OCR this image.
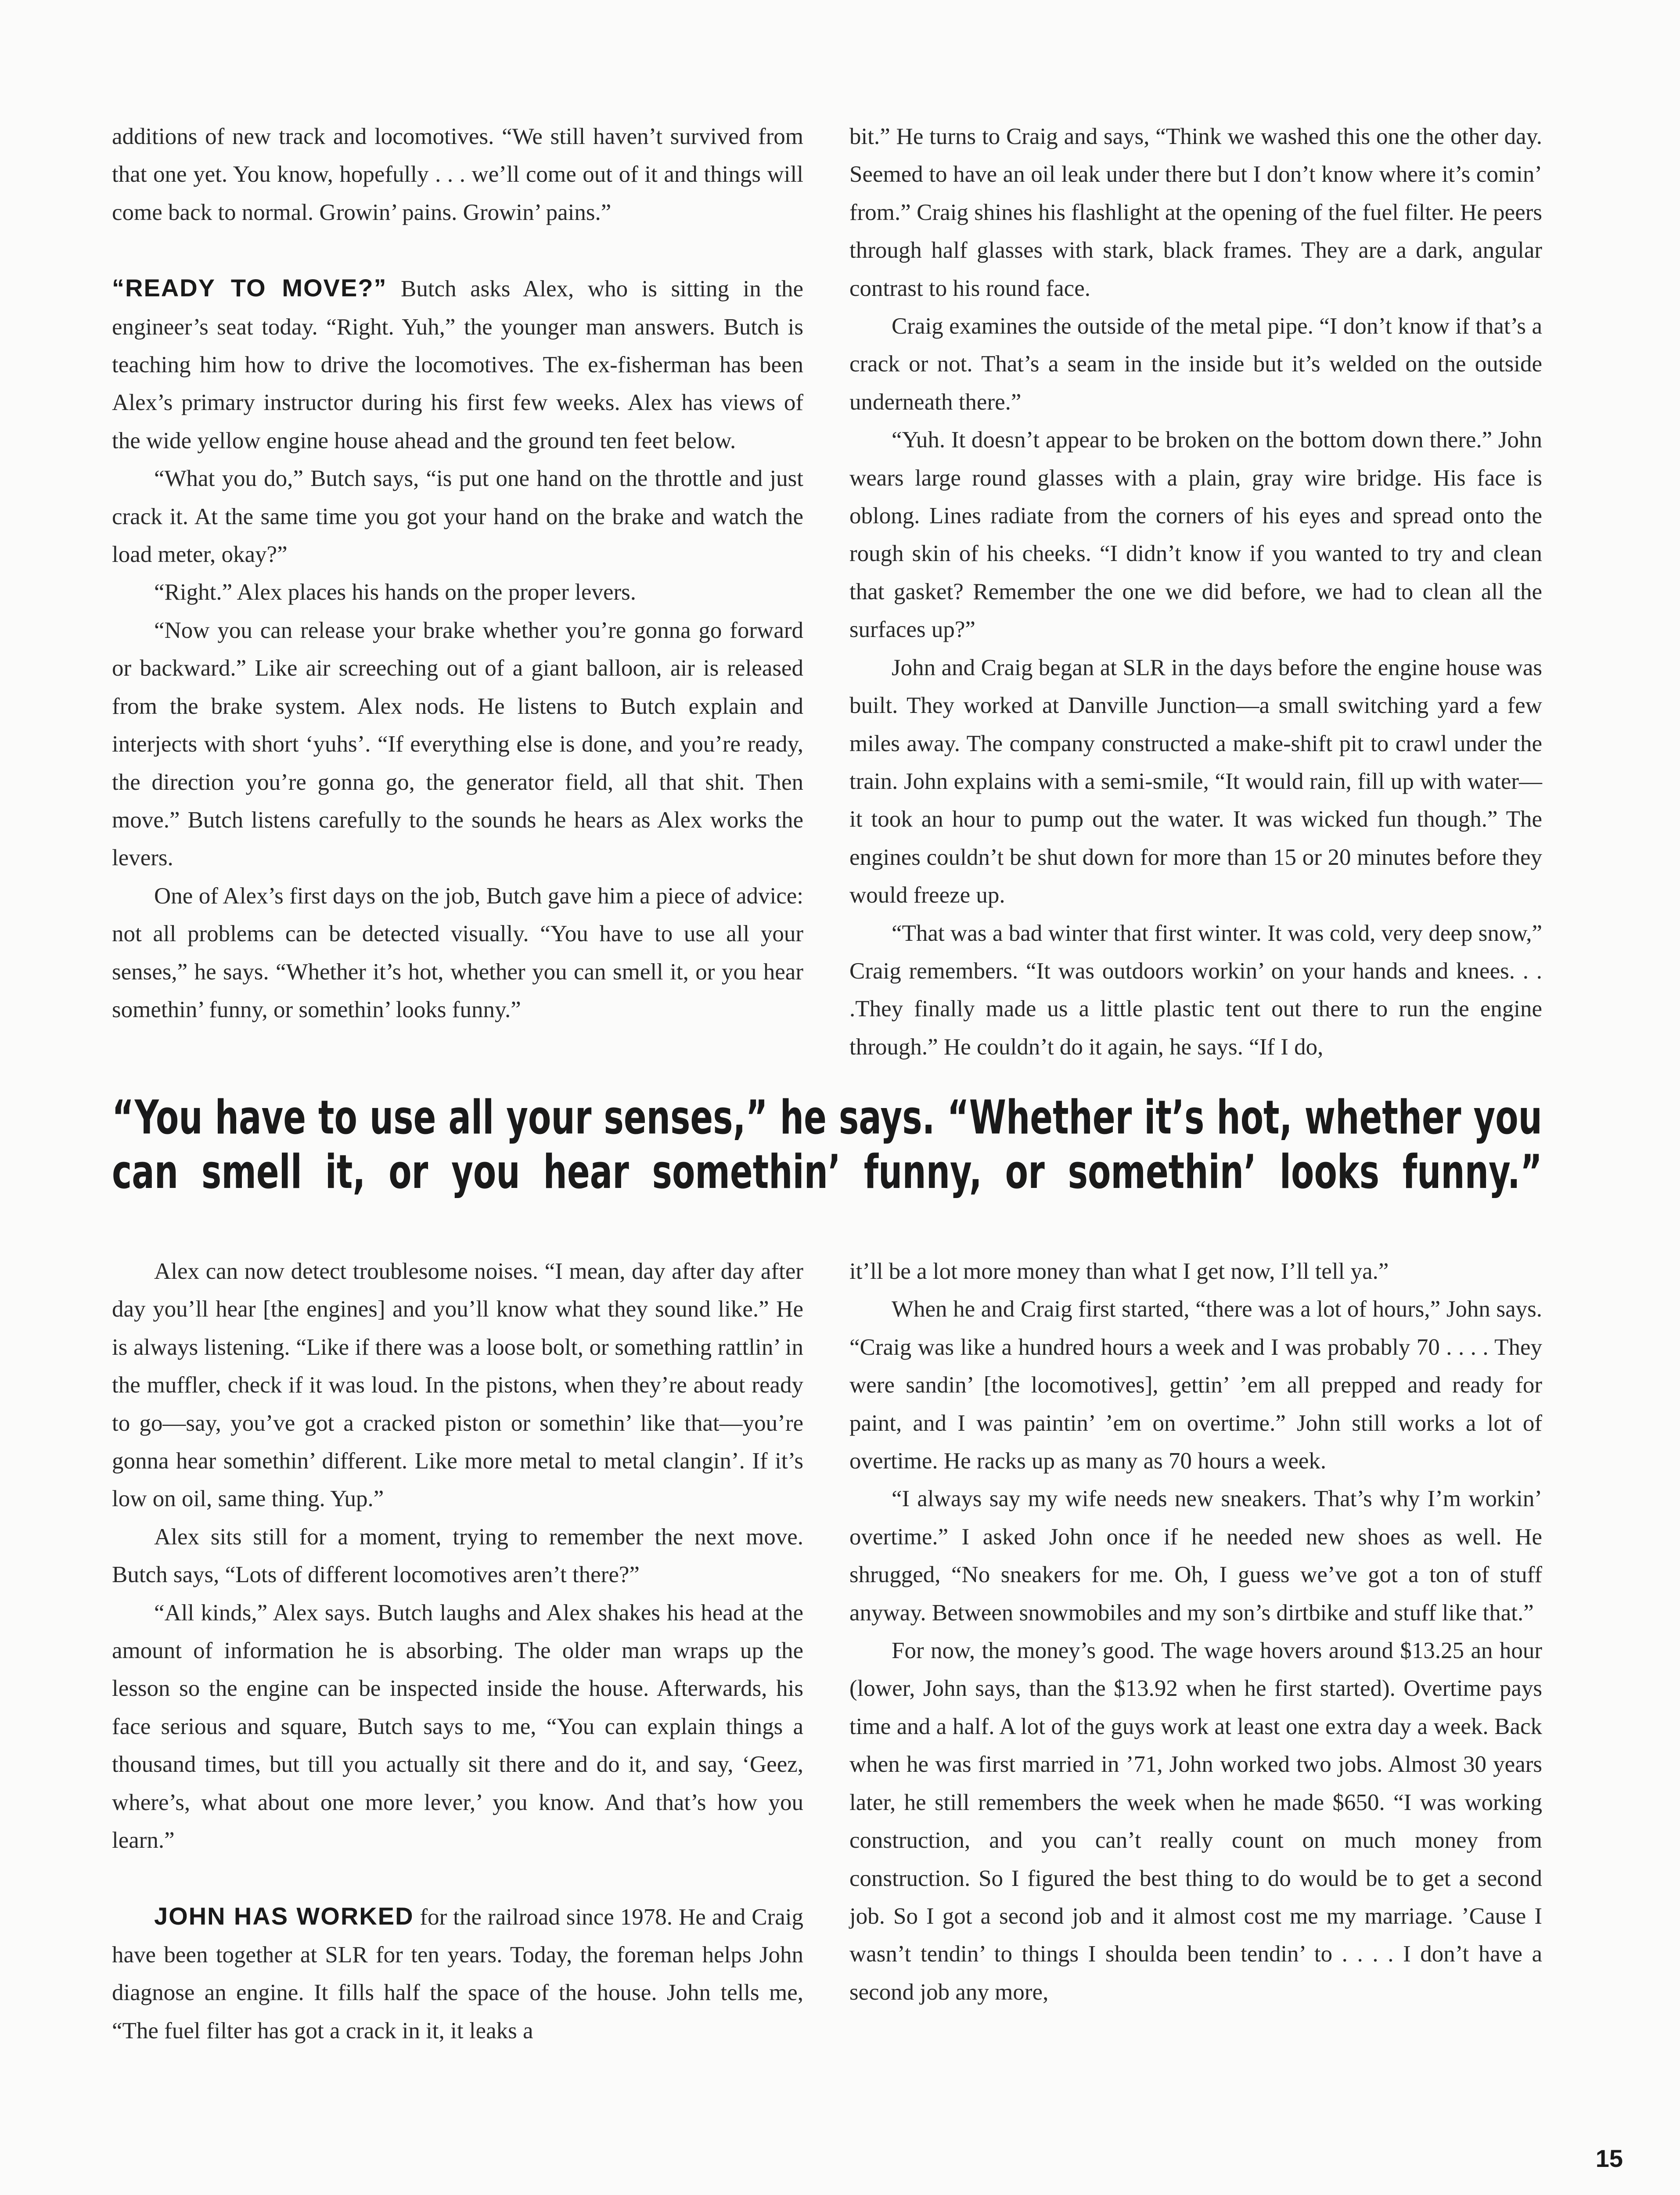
additions of new track and locomotives. “We still haven’t survived from that one yet. You know, hopefully . . . we’ll come out of it and things will come back to normal. Growin’ pains. Growin’ pains.”

“READY TO MOVE?” Butch asks Alex, who is sitting in the engineer’s seat today. “Right. Yuh,” the younger man answers. Butch is teaching him how to drive the locomotives. The ex-fisherman has been Alex’s primary instructor during his first few weeks. Alex has views of the wide yellow engine house ahead and the ground ten feet below.

“What you do,” Butch says, “is put one hand on the throttle and just crack it. At the same time you got your hand on the brake and watch the load meter, okay?”

“Right.” Alex places his hands on the proper levers.

“Now you can release your brake whether you’re gonna go forward or backward.” Like air screeching out of a giant balloon, air is released from the brake system. Alex nods. He listens to Butch explain and interjects with short ‘yuhs’. “If everything else is done, and you’re ready, the direction you’re gonna go, the generator field, all that shit. Then move.” Butch listens carefully to the sounds he hears as Alex works the levers.

One of Alex’s first days on the job, Butch gave him a piece of advice: not all problems can be detected visually. “You have to use all your senses,” he says. “Whether it’s hot, whether you can smell it, or you hear somethin’ funny, or somethin’ looks funny.”

bit.” He turns to Craig and says, “Think we washed this one the other day. Seemed to have an oil leak under there but I don’t know where it’s comin’ from.” Craig shines his flashlight at the opening of the fuel filter. He peers through half glasses with stark, black frames. They are a dark, angular contrast to his round face.

Craig examines the outside of the metal pipe. “I don’t know if that’s a crack or not. That’s a seam in the inside but it’s welded on the outside underneath there.”

“Yuh. It doesn’t appear to be broken on the bottom down there.” John wears large round glasses with a plain, gray wire bridge. His face is oblong. Lines radiate from the corners of his eyes and spread onto the rough skin of his cheeks. “I didn’t know if you wanted to try and clean that gasket? Remember the one we did before, we had to clean all the surfaces up?”

John and Craig began at SLR in the days before the engine house was built. They worked at Danville Junction—a small switching yard a few miles away. The company constructed a make-shift pit to crawl under the train. John explains with a semi-smile, “It would rain, fill up with water—it took an hour to pump out the water. It was wicked fun though.” The engines couldn’t be shut down for more than 15 or 20 minutes before they would freeze up.

“That was a bad winter that first winter. It was cold, very deep snow,” Craig remembers. “It was outdoors workin’ on your hands and knees. . . .They finally made us a little plastic tent out there to run the engine through.” He couldn’t do it again, he says. “If I do,

“You have to use all your senses,” he says. “Whether it’s hot, whether you
can smell it, or you hear somethin’ funny, or somethin’ looks funny.”

Alex can now detect troublesome noises. “I mean, day after day after day you’ll hear [the engines] and you’ll know what they sound like.” He is always listening. “Like if there was a loose bolt, or something rattlin’ in the muffler, check if it was loud. In the pistons, when they’re about ready to go—say, you’ve got a cracked piston or somethin’ like that—you’re gonna hear somethin’ different. Like more metal to metal clangin’. If it’s low on oil, same thing. Yup.”

Alex sits still for a moment, trying to remember the next move. Butch says, “Lots of different locomotives aren’t there?”

“All kinds,” Alex says. Butch laughs and Alex shakes his head at the amount of information he is absorbing. The older man wraps up the lesson so the engine can be inspected inside the house. Afterwards, his face serious and square, Butch says to me, “You can explain things a thousand times, but till you actually sit there and do it, and say, ‘Geez, where’s, what about one more lever,’ you know. And that’s how you learn.”

JOHN HAS WORKED for the railroad since 1978. He and Craig have been together at SLR for ten years. Today, the foreman helps John diagnose an engine. It fills half the space of the house. John tells me, “The fuel filter has got a crack in it, it leaks a

it’ll be a lot more money than what I get now, I’ll tell ya.”

When he and Craig first started, “there was a lot of hours,” John says. “Craig was like a hundred hours a week and I was probably 70 . . . . They were sandin’ [the locomotives], gettin’ ’em all prepped and ready for paint, and I was paintin’ ’em on overtime.” John still works a lot of overtime. He racks up as many as 70 hours a week.

“I always say my wife needs new sneakers. That’s why I’m workin’ overtime.” I asked John once if he needed new shoes as well. He shrugged, “No sneakers for me. Oh, I guess we’ve got a ton of stuff anyway. Between snowmobiles and my son’s dirtbike and stuff like that.”

For now, the money’s good. The wage hovers around $13.25 an hour (lower, John says, than the $13.92 when he first started). Overtime pays time and a half. A lot of the guys work at least one extra day a week. Back when he was first married in ’71, John worked two jobs. Almost 30 years later, he still remembers the week when he made $650. “I was working construction, and you can’t really count on much money from construction. So I figured the best thing to do would be to get a second job. So I got a second job and it almost cost me my marriage. ’Cause I wasn’t tendin’ to things I shoulda been tendin’ to . . . . I don’t have a second job any more,

15
